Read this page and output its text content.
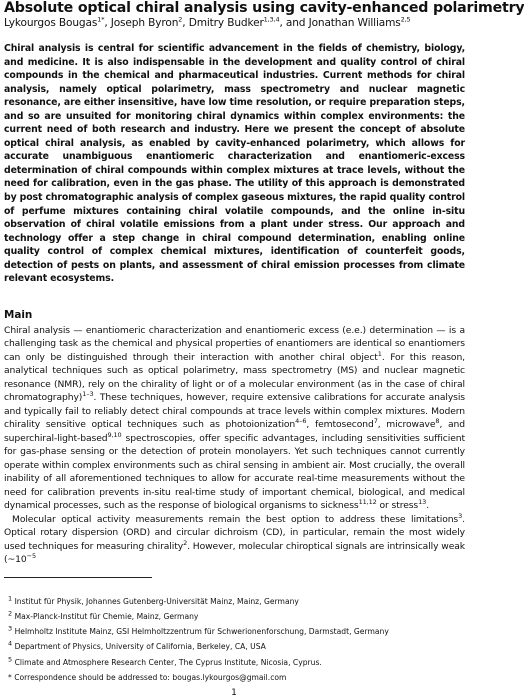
Absolute optical chiral analysis using cavity-enhanced polarimetry
Lykourgos Bougas$^{1*}$, Joseph Byron$^2$, Dmitry Budker$^{1,3,4}$, and Jonathan Williams$^{2,5}$

Chiral analysis is central for scientific advancement in the fields of chemistry, biology, and medicine. It is also indispensable in the development and quality control of chiral compounds in the chemical and pharmaceutical industries. Current methods for chiral analysis, namely optical polarimetry, mass spectrometry and nuclear magnetic resonance, are either insensitive, have low time resolution, or require preparation steps, and so are unsuited for monitoring chiral dynamics within complex environments: the current need of both research and industry. Here we present the concept of absolute optical chiral analysis, as enabled by cavity-enhanced polarimetry, which allows for accurate unambiguous enantiomeric characterization and enantiomeric-excess determination of chiral compounds within complex mixtures at trace levels, without the need for calibration, even in the gas phase. The utility of this approach is demonstrated by post chromatographic analysis of complex gaseous mixtures, the rapid quality control of perfume mixtures containing chiral volatile compounds, and the online in-situ observation of chiral volatile emissions from a plant under stress. Our approach and technology offer a step change in chiral compound determination, enabling online quality control of complex chemical mixtures, identification of counterfeit goods, detection of pests on plants, and assessment of chiral emission processes from climate relevant ecosystems.

Main

Chiral analysis — enantiomeric characterization and enantiomeric excess (e.e.) determination — is a challenging task as the chemical and physical properties of enantiomers are identical so enantiomers can only be distinguished through their interaction with another chiral object$^1$. For this reason, analytical techniques such as optical polarimetry, mass spectrometry (MS) and nuclear magnetic resonance (NMR), rely on the chirality of light or of a molecular environment (as in the case of chiral chromatography)$^{1-3}$. These techniques, however, require extensive calibrations for accurate analysis and typically fail to reliably detect chiral compounds at trace levels within complex mixtures. Modern chirality sensitive optical techniques such as photoionization$^{4-6}$, femtosecond$^7$, microwave$^8$, and superchiral-light-based$^{9,10}$ spectroscopies, offer specific advantages, including sensitivities sufficient for gas-phase sensing or the detection of protein monolayers. Yet such techniques cannot currently operate within complex environments such as chiral sensing in ambient air. Most crucially, the overall inability of all aforementioned techniques to allow for accurate real-time measurements without the need for calibration prevents in-situ real-time study of important chemical, biological, and medical dynamical processes, such as the response of biological organisms to sickness$^{11,12}$ or stress$^{13}$.

Molecular optical activity measurements remain the best option to address these limitations$^3$. Optical rotary dispersion (ORD) and circular dichroism (CD), in particular, remain the most widely used techniques for measuring chirality$^2$. However, molecular chiroptical signals are intrinsically weak ($\sim 10^{-5}$

$^1$ Institut für Physik, Johannes Gutenberg-Universität Mainz, Mainz, Germany
$^2$ Max-Planck-Institut für Chemie, Mainz, Germany
$^3$ Helmholtz Institute Mainz, GSI Helmholtzzentrum für Schwerionenforschung, Darmstadt, Germany
$^4$ Department of Physics, University of California, Berkeley, CA, USA
$^5$ Climate and Atmosphere Research Center, The Cyprus Institute, Nicosia, Cyprus.
* Correspondence should be addressed to: bougas.lykourgos@gmail.com
1
